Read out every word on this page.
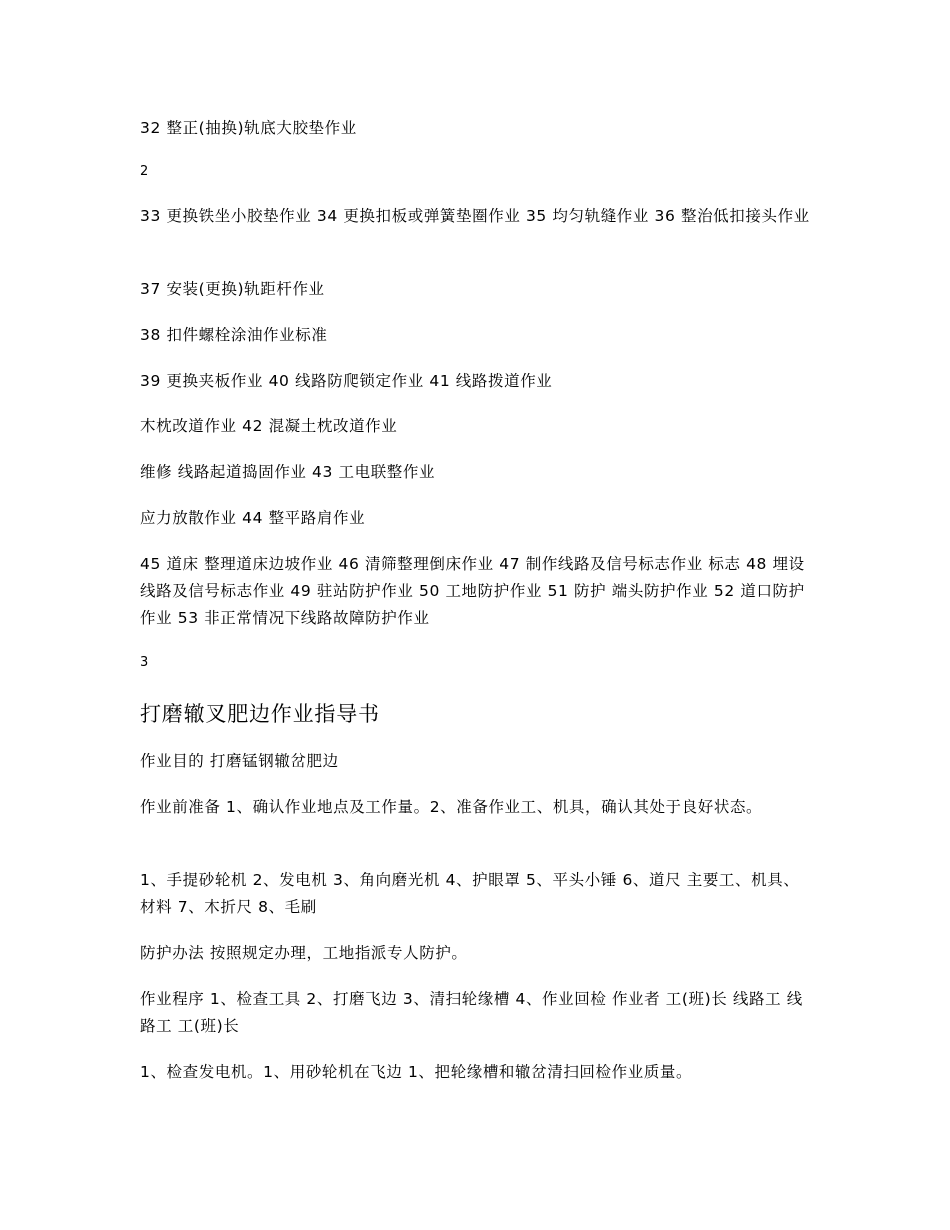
32 整正(抽换)轨底大胶垫作业
2
33 更换铁坐小胶垫作业 34 更换扣板或弹簧垫圈作业 35 均匀轨缝作业 36 整治低扣接头作业
37 安装(更换)轨距杆作业
38 扣件螺栓涂油作业标准
39 更换夹板作业 40 线路防爬锁定作业 41 线路拨道作业
木枕改道作业 42 混凝土枕改道作业
维修 线路起道捣固作业 43 工电联整作业
应力放散作业 44 整平路肩作业
45 道床 整理道床边坡作业 46 清筛整理倒床作业 47 制作线路及信号标志作业 标志 48 埋设线路及信号标志作业 49 驻站防护作业 50 工地防护作业 51 防护 端头防护作业 52 道口防护作业 53 非正常情况下线路故障防护作业
3
打磨辙叉肥边作业指导书
作业目的 打磨锰钢辙岔肥边
作业前准备 1、确认作业地点及工作量。2、准备作业工、机具，确认其处于良好状态。
1、手提砂轮机 2、发电机 3、角向磨光机 4、护眼罩 5、平头小锤 6、道尺 主要工、机具、材料 7、木折尺 8、毛刷
防护办法 按照规定办理，工地指派专人防护。
作业程序 1、检查工具 2、打磨飞边 3、清扫轮缘槽 4、作业回检 作业者 工(班)长 线路工 线路工 工(班)长
1、检查发电机。1、用砂轮机在飞边 1、把轮缘槽和辙岔清扫回检作业质量。
